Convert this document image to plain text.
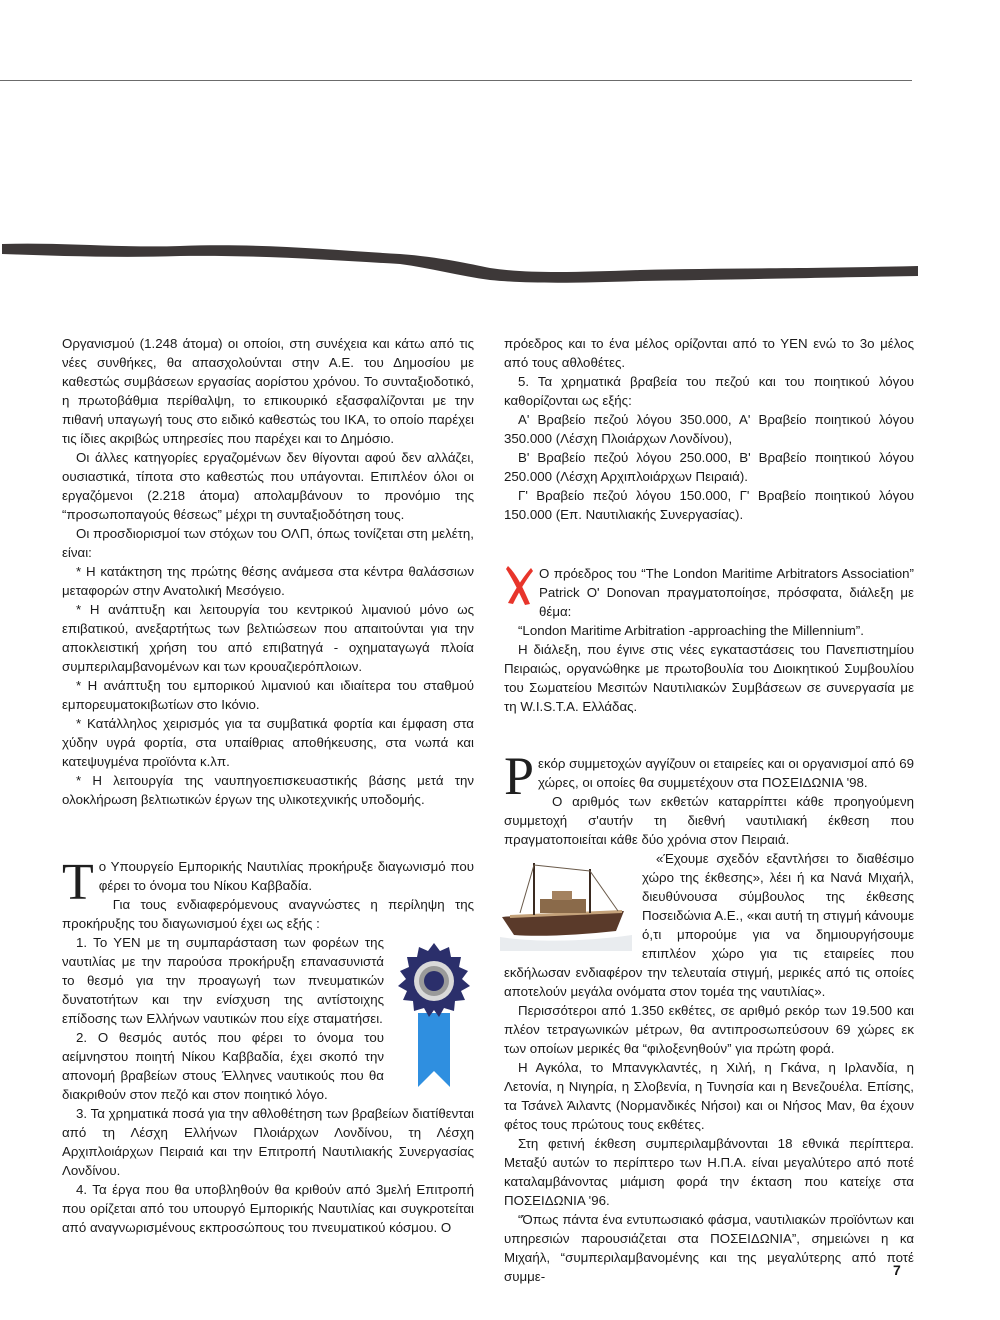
Οργανισμού (1.248 άτομα) οι οποίοι, στη συνέχεια και κάτω από τις νέες συνθήκες, θα απασχολούνται στην Α.Ε. του Δημοσίου με καθεστώς συμβάσεων εργασίας αορίστου χρόνου. Το συνταξιοδοτικό, η πρωτοβάθμια περίθαλψη, το επικουρικό εξασφαλίζονται με την πιθανή υπαγωγή τους στο ειδικό καθεστώς του ΙΚΑ, το οποίο παρέχει τις ίδιες ακριβώς υπηρεσίες που παρέχει και το Δημόσιο.

Οι άλλες κατηγορίες εργαζομένων δεν θίγονται αφού δεν αλλάζει, ουσιαστικά, τίποτα στο καθεστώς που υπάγονται. Επιπλέον όλοι οι εργαζόμενοι (2.218 άτομα) απολαμβάνουν το προνόμιο της “προσωποπαγούς θέσεως” μέχρι τη συνταξιοδότηση τους.

Οι προσδιορισμοί των στόχων του ΟΛΠ, όπως τονίζεται στη μελέτη, είναι:

* Η κατάκτηση της πρώτης θέσης ανάμεσα στα κέντρα θαλάσσιων μεταφορών στην Ανατολική Μεσόγειο.

* Η ανάπτυξη και λειτουργία του κεντρικού λιμανιού μόνο ως επιβατικού, ανεξαρτήτως των βελτιώσεων που απαιτούνται για την αποκλειστική χρήση του από επιβατηγά - οχηματαγωγά πλοία συμπεριλαμβανομένων και των κρουαζιερόπλοιων.

* Η ανάπτυξη του εμπορικού λιμανιού και ιδιαίτερα του σταθμού εμπορευματοκιβωτίων στο Ικόνιο.

* Κατάλληλος χειρισμός για τα συμβατικά φορτία και έμφαση στα χύδην υγρά φορτία, στα υπαίθριας αποθήκευσης, στα νωπά και κατεψυγμένα προϊόντα κ.λπ.

* Η λειτουργία της ναυπηγοεπισκευαστικής βάσης μετά την ολοκλήρωση βελτιωτικών έργων της υλικοτεχνικής υποδομής.

Το Υπουργείο Εμπορικής Ναυτιλίας προκήρυξε διαγωνισμό που φέρει το όνομα του Νίκου Καββαδία.

Για τους ενδιαφερόμενους αναγνώστες η περίληψη της προκήρυξης του διαγωνισμού έχει ως εξής :

1. Το ΥΕΝ με τη συμπαράσταση των φορέων της ναυτιλίας με την παρούσα προκήρυξη επανασυνιστά το θεσμό για την προαγωγή των πνευματικών δυνατοτήτων και την ενίσχυση της αντίστοιχης επίδοσης των Ελλήνων ναυτικών που είχε σταματήσει.

2. Ο θεσμός αυτός που φέρει το όνομα του αείμνηστου ποιητή Νίκου Καββαδία, έχει σκοπό την απονομή βραβείων στους Έλληνες ναυτικούς που θα διακριθούν στον πεζό και στον ποιητικό λόγο.

3. Τα χρηματικά ποσά για την αθλοθέτηση των βραβείων διατίθενται από τη Λέσχη Ελλήνων Πλοιάρχων Λονδίνου, τη Λέσχη Αρχιπλοιάρχων Πειραιά και την Επιτροπή Ναυτιλιακής Συνεργασίας Λονδίνου.

4. Τα έργα που θα υποβληθούν θα κριθούν από 3μελή Επιτροπή που ορίζεται από του υπουργό Εμπορικής Ναυτιλίας και συγκροτείται από αναγνωρισμένους εκπροσώπους του πνευματικού κόσμου. Ο

πρόεδρος και το ένα μέλος ορίζονται από το ΥΕΝ ενώ το 3ο μέλος από τους αθλοθέτες.

5. Τα χρηματικά βραβεία του πεζού και του ποιητικού λόγου καθορίζονται ως εξής:

Α' Βραβείο πεζού λόγου 350.000, Α' Βραβείο ποιητικού λόγου 350.000 (Λέσχη Πλοιάρχων Λονδίνου),

Β' Βραβείο πεζού λόγου 250.000, Β' Βραβείο ποιητικού λόγου 250.000 (Λέσχη Αρχιπλοιάρχων Πειραιά).

Γ' Βραβείο πεζού λόγου 150.000, Γ' Βραβείο ποιητικού λόγου 150.000 (Επ. Ναυτιλιακής Συνεργασίας).

Ο πρόεδρος του “The London Maritime Arbitrators Association” Patrick O' Donovan πραγματοποίησε, πρόσφατα, διάλεξη με θέμα:

“London Maritime Arbitration -approaching the Millennium”.

Η διάλεξη, που έγινε στις νέες εγκαταστάσεις του Πανεπιστημίου Πειραιώς, οργανώθηκε με πρωτοβουλία του Διοικητικού Συμβουλίου του Σωματείου Μεσιτών Ναυτιλιακών Συμβάσεων σε συνεργασία με τη W.I.S.T.A. Ελλάδας.

Ρεκόρ συμμετοχών αγγίζουν οι εταιρείες και οι οργανισμοί από 69 χώρες, οι οποίες θα συμμετέχουν στα ΠΟΣΕΙΔΩΝΙΑ '98.

Ο αριθμός των εκθετών καταρρίπτει κάθε προηγούμενη συμμετοχή σ'αυτήν τη διεθνή ναυτιλιακή έκθεση που πραγματοποιείται κάθε δύο χρόνια στον Πειραιά.

«Έχουμε σχεδόν εξαντλήσει το διαθέσιμο χώρο της έκθεσης», λέει ή κα Νανά Μιχαήλ, διευθύνουσα σύμβουλος της έκθεσης Ποσειδώνια Α.Ε., «και αυτή τη στιγμή κάνουμε ό,τι μπορούμε για να δημιουργήσουμε επιπλέον χώρο για τις εταιρείες που εκδήλωσαν ενδιαφέρον την τελευταία στιγμή, μερικές από τις οποίες αποτελούν μεγάλα ονόματα στον τομέα της ναυτιλίας».

Περισσότεροι από 1.350 εκθέτες, σε αριθμό ρεκόρ των 19.500 και πλέον τετραγωνικών μέτρων, θα αντιπροσωπεύσουν 69 χώρες εκ των οποίων μερικές θα “φιλοξενηθούν” για πρώτη φορά.

Η Αγκόλα, το Μπανγκλαντές, η Χιλή, η Γκάνα, η Ιρλανδία, η Λετονία, η Νιγηρία, η Σλοβενία, η Τυνησία και η Βενεζουέλα. Επίσης, τα Τσάνελ Άιλαντς (Νορμανδικές Νήσοι) και οι Νήσος Μαν, θα έχουν φέτος τους πρώτους τους εκθέτες.

Στη φετινή έκθεση συμπεριλαμβάνονται 18 εθνικά περίπτερα. Μεταξύ αυτών το περίπτερο των Η.Π.Α. είναι μεγαλύτερο από ποτέ καταλαμβάνοντας μιάμιση φορά την έκταση που κατείχε στα ΠΟΣΕΙΔΩΝΙΑ '96.

“Όπως πάντα ένα εντυπωσιακό φάσμα, ναυτιλιακών προϊόντων και υπηρεσιών παρουσιάζεται στα ΠΟΣΕΙΔΩΝΙΑ”, σημειώνει η κα Μιχαήλ, “συμπεριλαμβανομένης και της μεγαλύτερης από ποτέ συμμε-	7
